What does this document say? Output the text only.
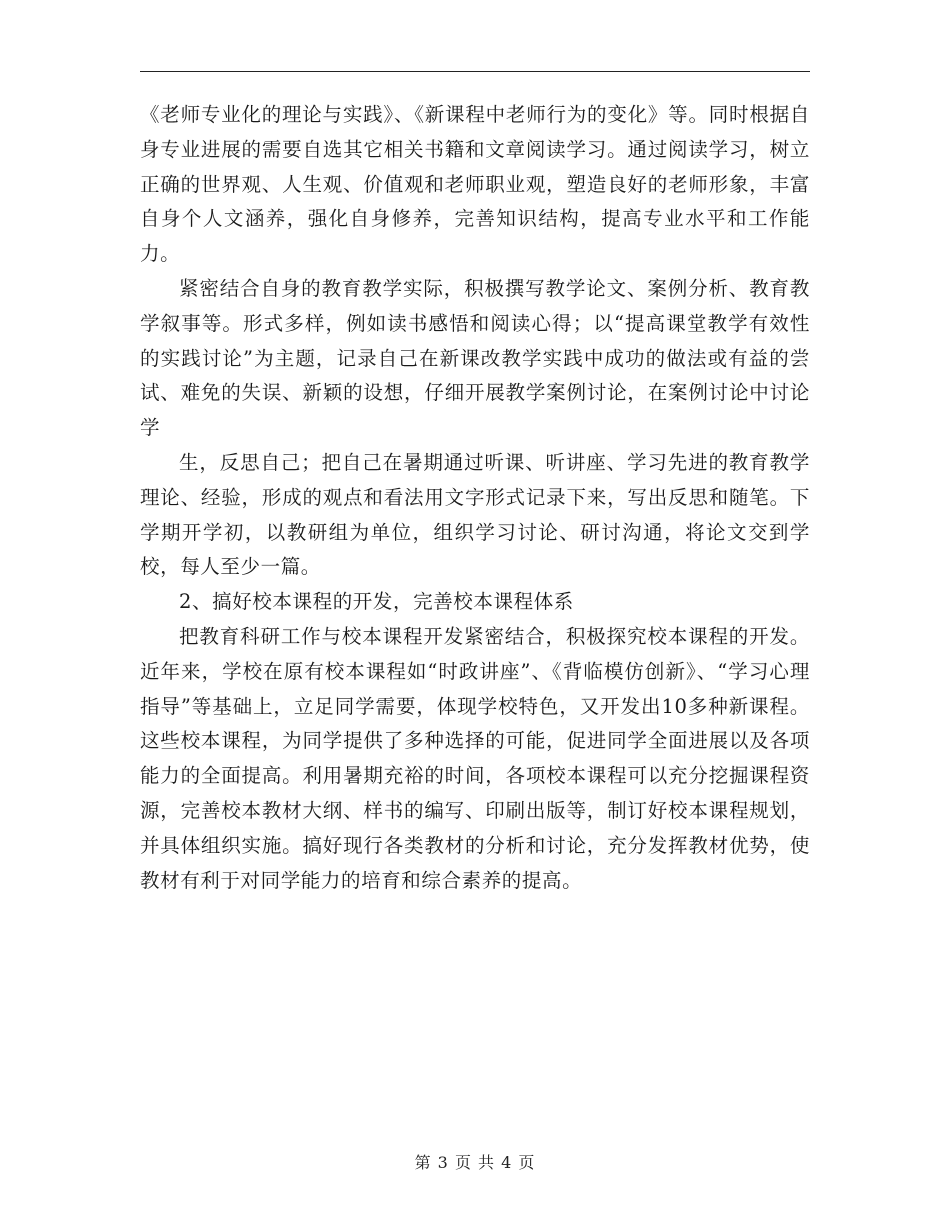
《老师专业化的理论与实践》、《新课程中老师行为的变化》等。同时根据自身专业进展的需要自选其它相关书籍和文章阅读学习。通过阅读学习，树立正确的世界观、人生观、价值观和老师职业观，塑造良好的老师形象，丰富自身个人文涵养，强化自身修养，完善知识结构，提高专业水平和工作能力。

紧密结合自身的教育教学实际，积极撰写教学论文、案例分析、教育教学叙事等。形式多样，例如读书感悟和阅读心得；以“提高课堂教学有效性的实践讨论”为主题，记录自己在新课改教学实践中成功的做法或有益的尝试、难免的失误、新颖的设想，仔细开展教学案例讨论，在案例讨论中讨论学

生，反思自己；把自己在暑期通过听课、听讲座、学习先进的教育教学理论、经验，形成的观点和看法用文字形式记录下来，写出反思和随笔。下学期开学初，以教研组为单位，组织学习讨论、研讨沟通，将论文交到学校，每人至少一篇。

2、搞好校本课程的开发，完善校本课程体系

把教育科研工作与校本课程开发紧密结合，积极探究校本课程的开发。近年来，学校在原有校本课程如“时政讲座”、《背临模仿创新》、“学习心理指导”等基础上，立足同学需要，体现学校特色，又开发出10多种新课程。这些校本课程，为同学提供了多种选择的可能，促进同学全面进展以及各项能力的全面提高。利用暑期充裕的时间，各项校本课程可以充分挖掘课程资源，完善校本教材大纲、样书的编写、印刷出版等，制订好校本课程规划，并具体组织实施。搞好现行各类教材的分析和讨论，充分发挥教材优势，使教材有利于对同学能力的培育和综合素养的提高。

第 3 页 共 4 页
